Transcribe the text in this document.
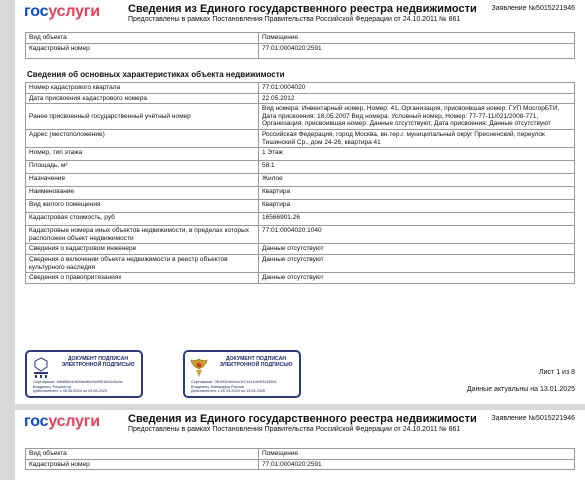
госуслуги	Сведения из Единого государственного реестра недвижимости
Предоставлены в рамках Постановления Правительства Российской Федерации от 24.10.2011 № 861
Заявление №5015221946
Вид объекта	Помещение
Кадастровый номер	77:01:0004020:2591
Сведения об основных характеристиках объекта недвижимости
Номер кадастрового квартала	77:01:0004020
Дата присвоения кадастрового номера	22.05.2012
Ранее присвоенный государственный учётный номер	Вид номера: Инвентарный номер, Номер: 41, Организация, присвоившая номер: ГУП МосгорБТИ, Дата присвоения: 18.05.2007 Вид номера: Условный номер, Номер: 77-77-11/021/2008-771, Организация, присвоившая номер: Данные отсутствуют, Дата присвоения: Данные отсутствуют
Адрес (местоположение)	Российская Федерация, город Москва, вн.тер.г. муниципальный округ Пресненский, переулок Тишинский Ср., дом 24-26, квартира 41
Номер, тип этажа	1 Этаж
Площадь, м²	58.1
Назначение	Жилое
Наименование	Квартира
Вид жилого помещения	Квартира
Кадастровая стоимость, руб	16566901.26
Кадастровые номера иных объектов недвижимости, в пределах которых расположен объект недвижимости	77:01:0004020:1040
Сведения о кадастровом инженере	Данные отсутствуют
Сведения о включении объекта недвижимости в реестр объектов культурного наследия	Данные отсутствуют
Сведения о правопритязаниях	Данные отсутствуют
ДОКУМЕНТ ПОДПИСАН ЭЛЕКТРОННОЙ ПОДПИСЬЮ
Сертификат: 6db65b04d694be8bd3a9951f63444c9c
Владелец: Росреестр
Действителен: с 05.06.2024 по 29.08.2025
ДОКУМЕНТ ПОДПИСАН ЭЛЕКТРОННОЙ ПОДПИСЬЮ
Сертификат: 3f1893c3eebcc1b7e1164e9f3119551
Владелец: Минцифры России
Действителен: с 20.03.2024 по 13.06.2025
Лист 1 из 8
Данные актуальны на 13.01.2025
госуслуги	Сведения из Единого государственного реестра недвижимости
Предоставлены в рамках Постановления Правительства Российской Федерации от 24.10.2011 № 861
Заявление №5015221946
Вид объекта	Помещение
Кадастровый номер	77:01:0004020:2591
